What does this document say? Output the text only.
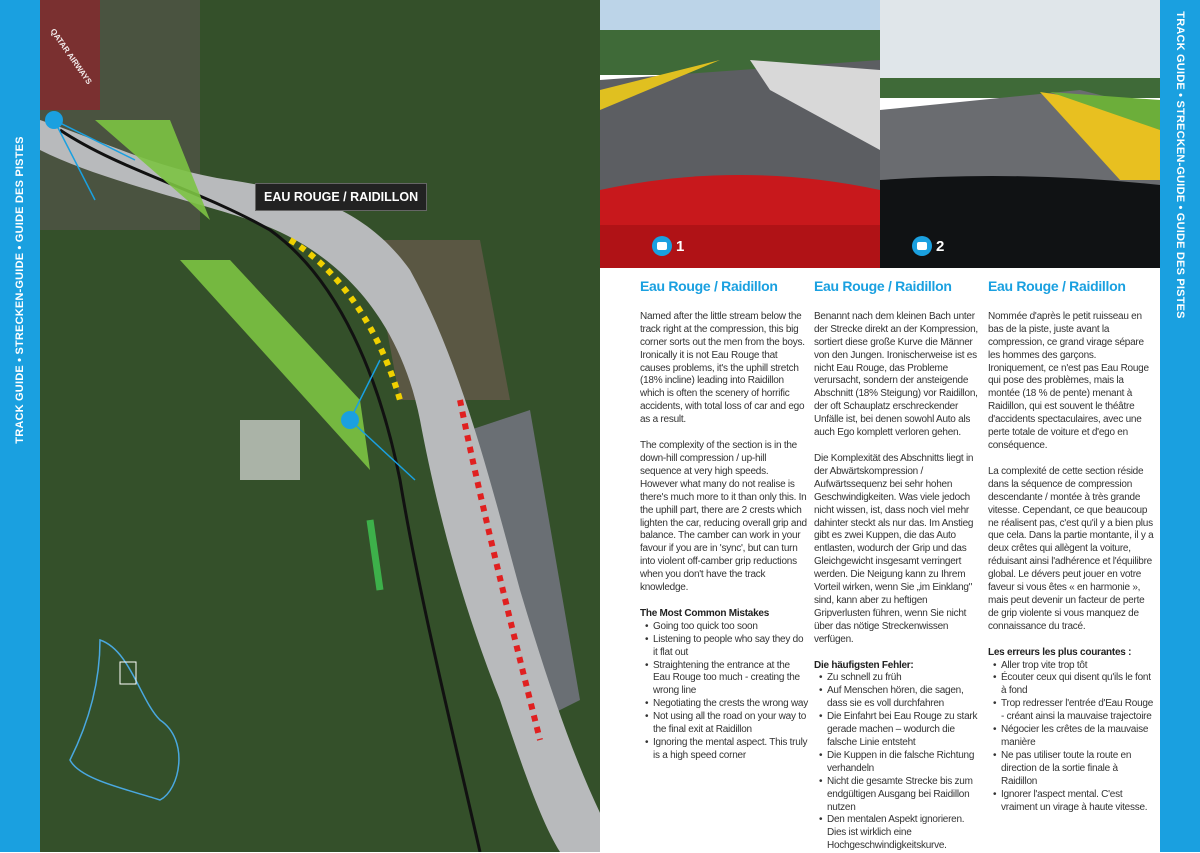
TRACK GUIDE • STRECKEN-GUIDE • GUIDE DES PISTES
QATAR AIRWAYS
EAU ROUGE / RAIDILLON
1	2
Eau Rouge / Raidillon

Named after the little stream below the track right at the compression, this big corner sorts out the men from the boys. Ironically it is not Eau Rouge that causes problems, it's the uphill stretch (18% incline) leading into Raidillon which is often the scenery of horrific accidents, with total loss of car and ego as a result.

The complexity of the section is in the down-hill compression / up-hill sequence at very high speeds. However what many do not realise is there's much more to it than only this. In the uphill part, there are 2 crests which lighten the car, reducing overall grip and balance. The camber can work in your favour if you are in 'sync', but can turn into violent off-camber grip reductions when you don't have the track knowledge.

The Most Common Mistakes
• Going too quick too soon
• Listening to people who say they do it flat out
• Straightening the entrance at the Eau Rouge too much - creating the wrong line
• Negotiating the crests the wrong way
• Not using all the road on your way to the final exit at Raidillon
• Ignoring the mental aspect. This truly is a high speed corner
Eau Rouge / Raidillon

Benannt nach dem kleinen Bach unter der Strecke direkt an der Kompression, sortiert diese große Kurve die Männer von den Jungen. Ironischerweise ist es nicht Eau Rouge, das Probleme verursacht, sondern der ansteigende Abschnitt (18% Steigung) vor Raidillon, der oft Schauplatz erschreckender Unfälle ist, bei denen sowohl Auto als auch Ego komplett verloren gehen.

Die Komplexität des Abschnitts liegt in der Abwärtskompression / Aufwärtssequenz bei sehr hohen Geschwindigkeiten. Was viele jedoch nicht wissen, ist, dass noch viel mehr dahinter steckt als nur das. Im Anstieg gibt es zwei Kuppen, die das Auto entlasten, wodurch der Grip und das Gleichgewicht insgesamt verringert werden. Die Neigung kann zu Ihrem Vorteil wirken, wenn Sie „im Einklang" sind, kann aber zu heftigen Gripverlusten führen, wenn Sie nicht über das nötige Streckenwissen verfügen.

Die häufigsten Fehler:
• Zu schnell zu früh
• Auf Menschen hören, die sagen, dass sie es voll durchfahren
• Die Einfahrt bei Eau Rouge zu stark gerade machen – wodurch die falsche Linie entsteht
• Die Kuppen in die falsche Richtung verhandeln
• Nicht die gesamte Strecke bis zum endgültigen Ausgang bei Raidillon nutzen
• Den mentalen Aspekt ignorieren. Dies ist wirklich eine Hochgeschwindigkeitskurve.
Eau Rouge / Raidillon

Nommée d'après le petit ruisseau en bas de la piste, juste avant la compression, ce grand virage sépare les hommes des garçons. Ironiquement, ce n'est pas Eau Rouge qui pose des problèmes, mais la montée (18 % de pente) menant à Raidillon, qui est souvent le théâtre d'accidents spectaculaires, avec une perte totale de voiture et d'ego en conséquence.

La complexité de cette section réside dans la séquence de compression descendante / montée à très grande vitesse. Cependant, ce que beaucoup ne réalisent pas, c'est qu'il y a bien plus que cela. Dans la partie montante, il y a deux crêtes qui allègent la voiture, réduisant ainsi l'adhérence et l'équilibre global. Le dévers peut jouer en votre faveur si vous êtes « en harmonie », mais peut devenir un facteur de perte de grip violente si vous manquez de connaissance du tracé.

Les erreurs les plus courantes :
• Aller trop vite trop tôt
• Écouter ceux qui disent qu'ils le font à fond
• Trop redresser l'entrée d'Eau Rouge - créant ainsi la mauvaise trajectoire
• Négocier les crêtes de la mauvaise manière
• Ne pas utiliser toute la route en direction de la sortie finale à Raidillon
• Ignorer l'aspect mental. C'est vraiment un virage à haute vitesse.
TRACK GUIDE • STRECKEN-GUIDE • GUIDE DES PISTES
